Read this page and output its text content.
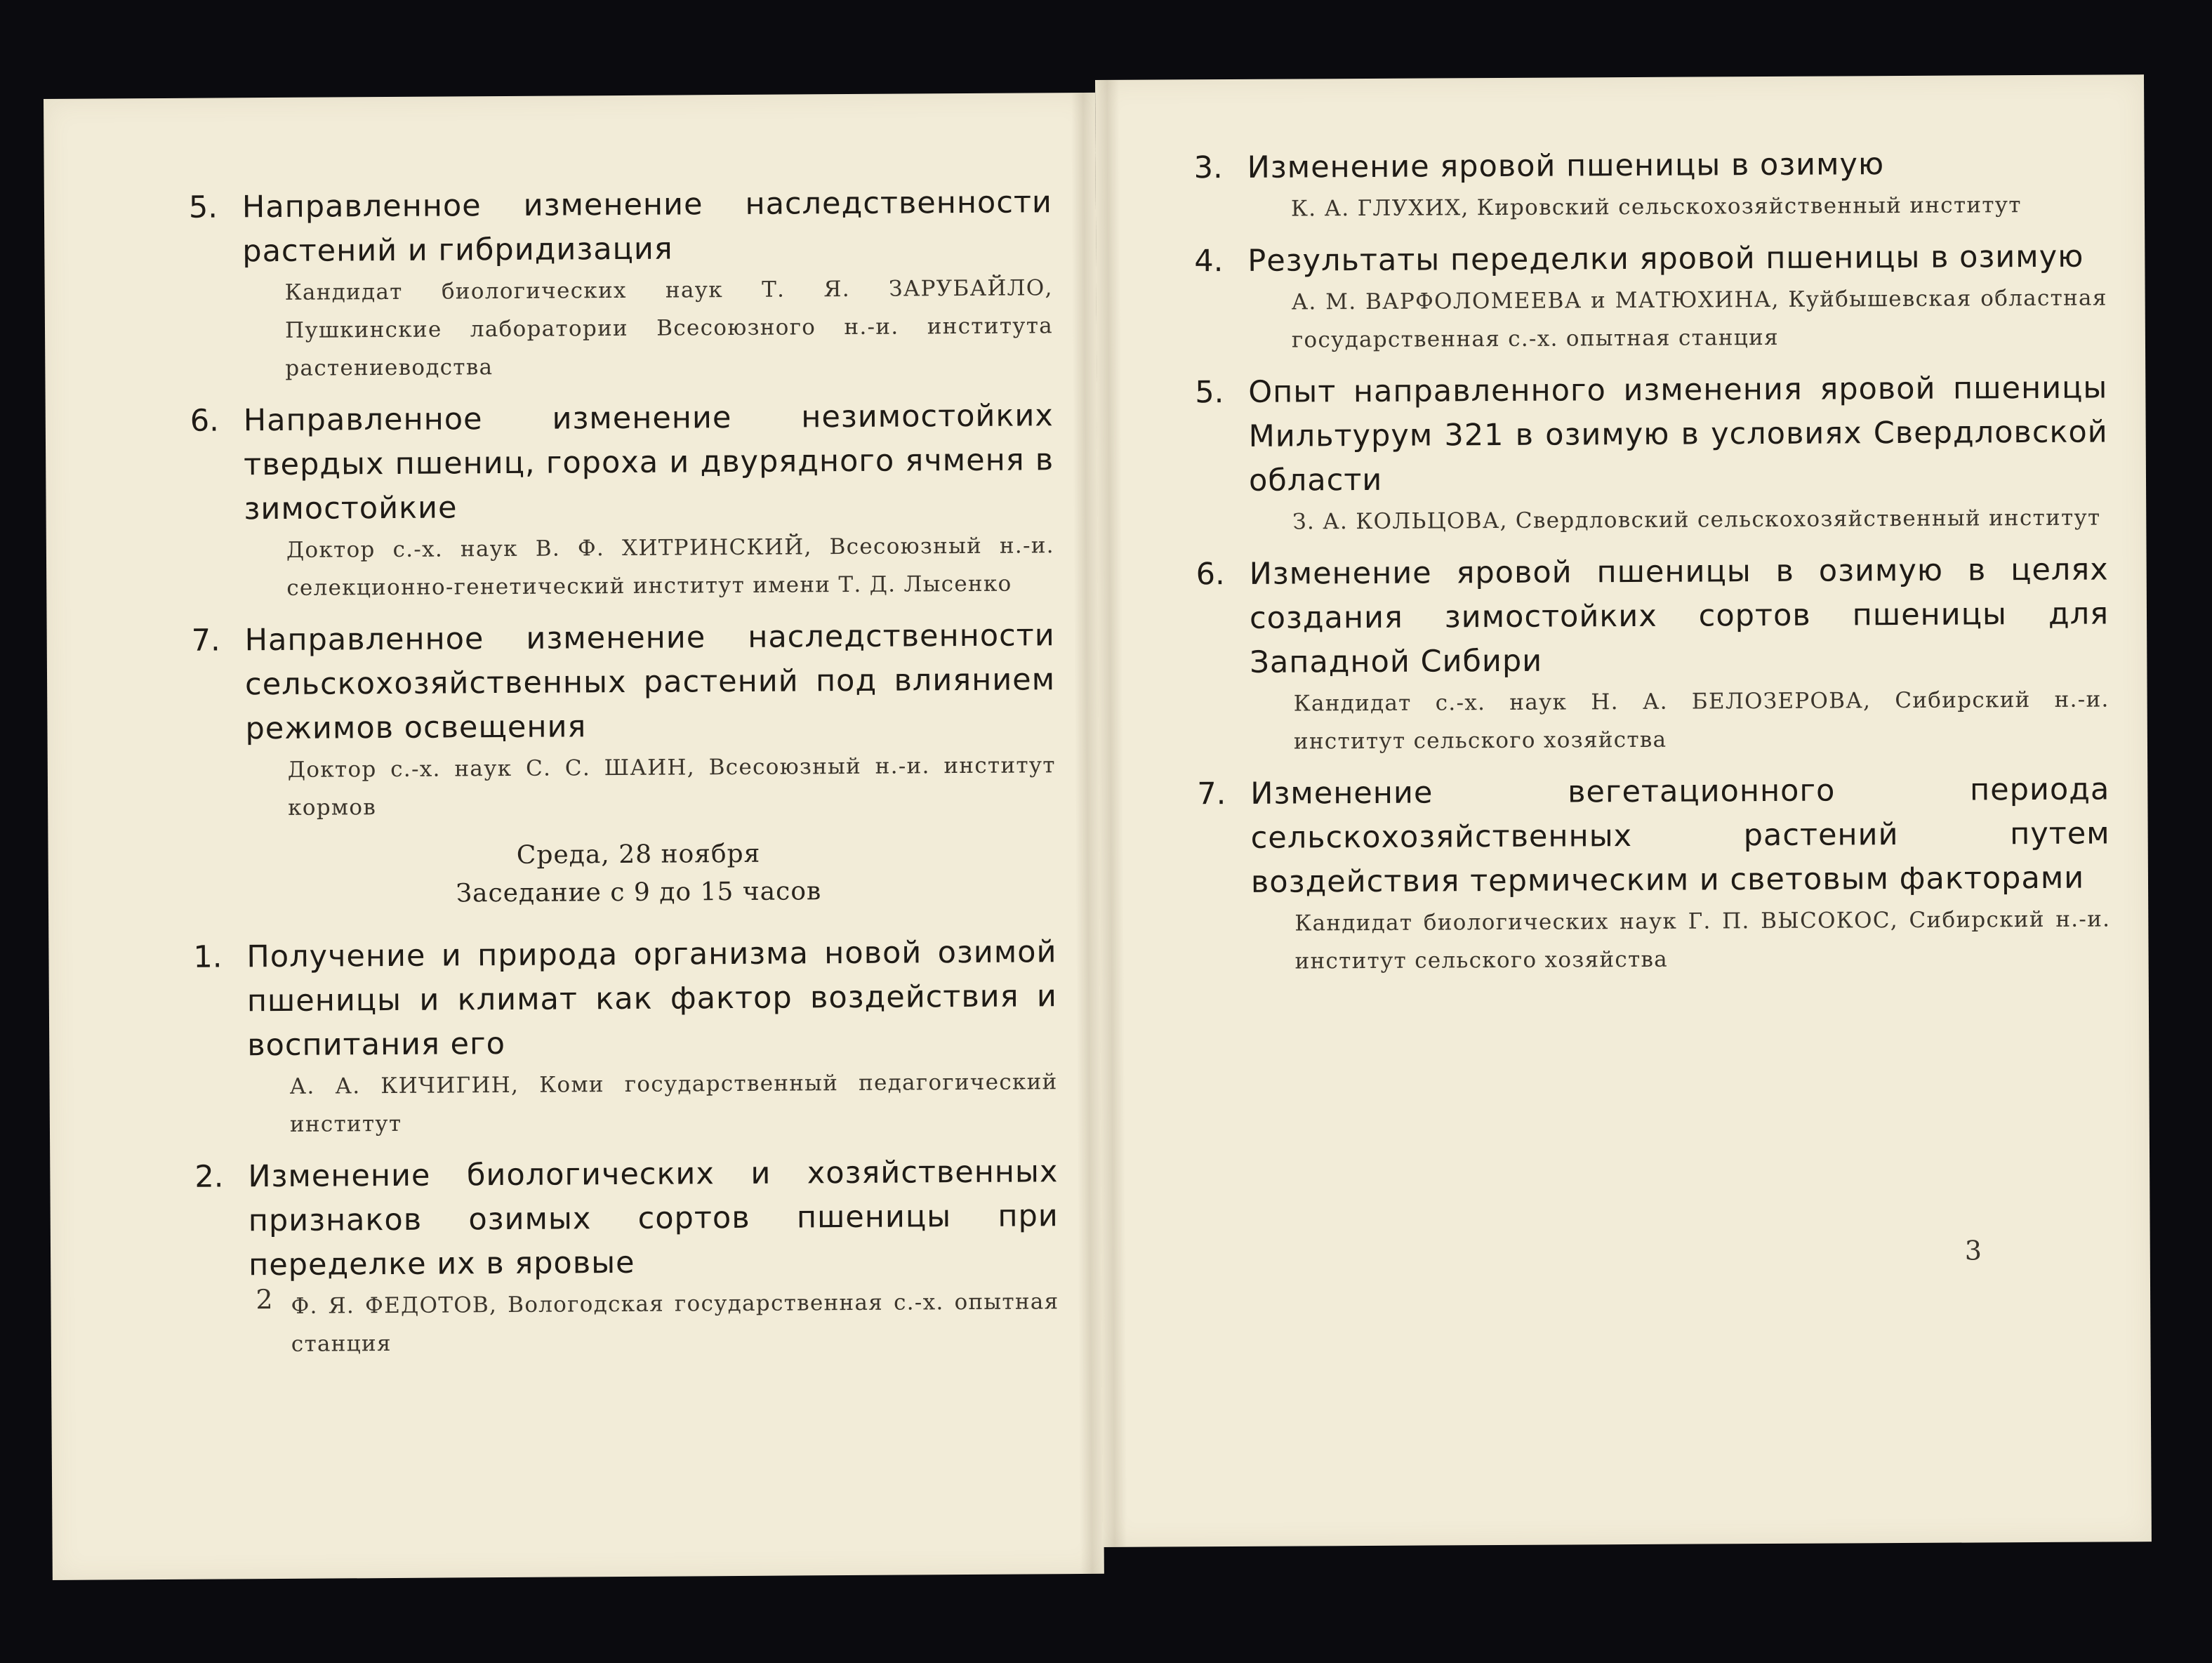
5. Направленное изменение наследственности растений и гибридизация
Кандидат биологических наук Т. Я. ЗАРУБАЙЛО, Пушкинские лаборатории Всесоюзного н.-и. института растениеводства
6. Направленное изменение незимостойких твердых пшениц, гороха и двурядного ячменя в зимостойкие
Доктор с.-х. наук В. Ф. ХИТРИНСКИЙ, Всесоюзный н.-и. селекционно-генетический институт имени Т. Д. Лысенко
7. Направленное изменение наследственности сельскохозяйственных растений под влиянием режимов освещения
Доктор с.-х. наук С. С. ШАИН, Всесоюзный н.-и. институт кормов
Среда, 28 ноября
Заседание с 9 до 15 часов
1. Получение и природа организма новой озимой пшеницы и климат как фактор воздействия и воспитания его
А. А. КИЧИГИН, Коми государственный педагогический институт
2. Изменение биологических и хозяйственных признаков озимых сортов пшеницы при переделке их в яровые
Ф. Я. ФЕДОТОВ, Вологодская государственная с.-х. опытная станция
2
3. Изменение яровой пшеницы в озимую
К. А. ГЛУХИХ, Кировский сельскохозяйственный институт
4. Результаты переделки яровой пшеницы в озимую
А. М. ВАРФОЛОМЕЕВА и МАТЮХИНА, Куйбышевская областная государственная с.-х. опытная станция
5. Опыт направленного изменения яровой пшеницы Мильтурум 321 в озимую в условиях Свердловской области
З. А. КОЛЬЦОВА, Свердловский сельскохозяйственный институт
6. Изменение яровой пшеницы в озимую в целях создания зимостойких сортов пшеницы для Западной Сибири
Кандидат с.-х. наук Н. А. БЕЛОЗЕРОВА, Сибирский н.-и. институт сельского хозяйства
7. Изменение вегетационного периода сельскохозяйственных растений путем воздействия термическим и световым факторами
Кандидат биологических наук Г. П. ВЫСОКОС, Сибирский н.-и. институт сельского хозяйства
3
